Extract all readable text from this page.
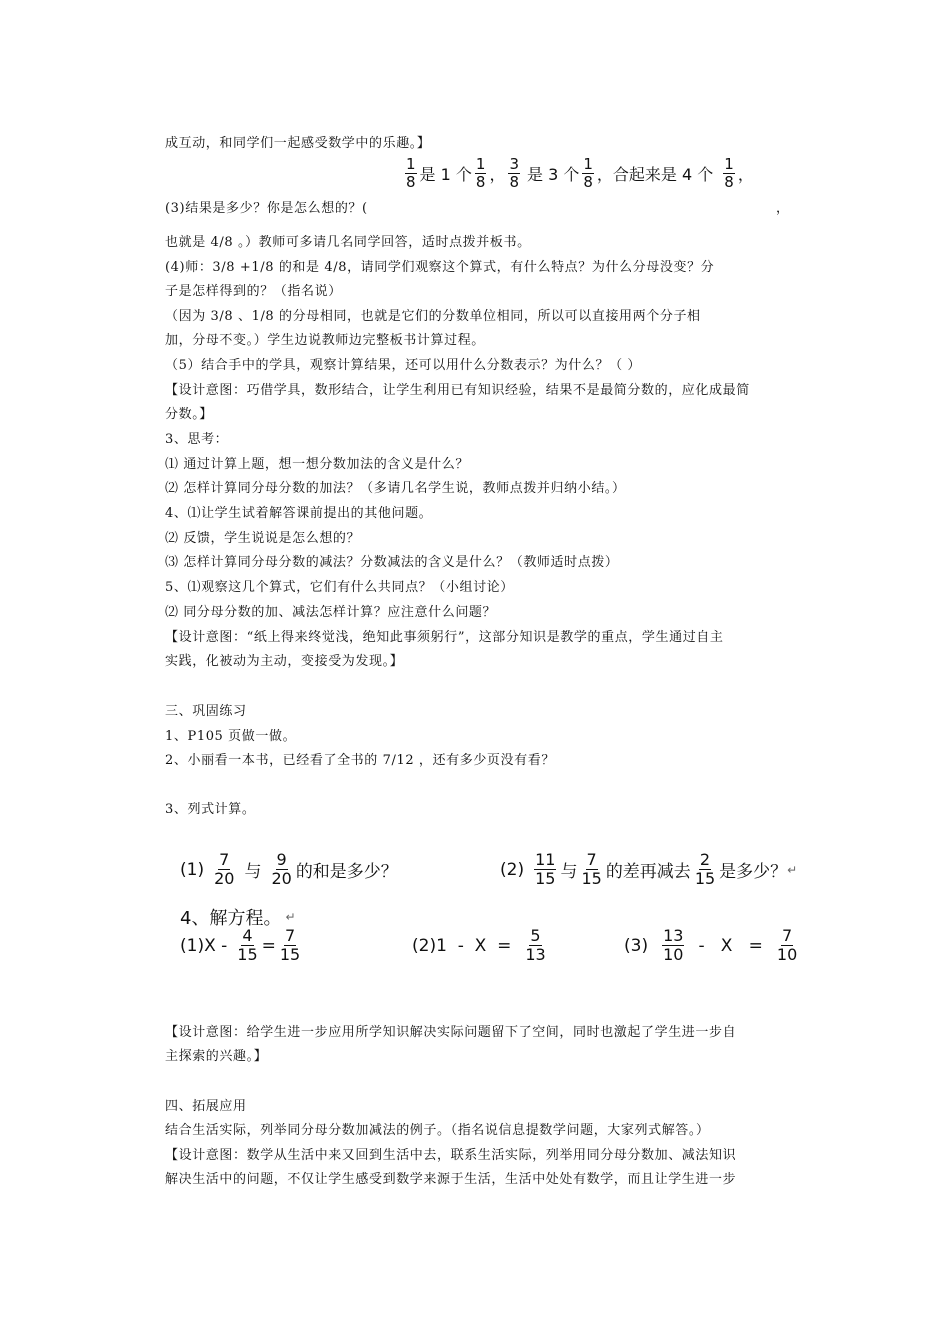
成互动，和同学们一起感受数学中的乐趣。】
$\frac{1}{8}$ 是 1 个 $\frac{1}{8}$ ， $\frac{3}{8}$ 是 3 个 $\frac{1}{8}$ ，合起来是 4 个 $\frac{1}{8}$ ，
(3)结果是多少？你是怎么想的？(	，
也就是 4/8 。）教师可多请几名同学回答，适时点拨并板书。
(4)师：3/8 +1/8 的和是 4/8，请同学们观察这个算式，有什么特点？为什么分母没变？分
子是怎样得到的？（指名说）
（因为 3/8 、1/8 的分母相同，也就是它们的分数单位相同，所以可以直接用两个分子相
加，分母不变。）学生边说教师边完整板书计算过程。
（5）结合手中的学具，观察计算结果，还可以用什么分数表示？为什么？（ ）
【设计意图：巧借学具，数形结合，让学生利用已有知识经验，结果不是最简分数的，应化成最简
分数。】
3、思考：
⑴ 通过计算上题，想一想分数加法的含义是什么？
⑵ 怎样计算同分母分数的加法？（多请几名学生说，教师点拨并归纳小结。）
4、⑴让学生试着解答课前提出的其他问题。
⑵ 反馈，学生说说是怎么想的？
⑶ 怎样计算同分母分数的减法？分数减法的含义是什么？（教师适时点拨）
5、⑴观察这几个算式，它们有什么共同点？（小组讨论）
⑵ 同分母分数的加、减法怎样计算？应注意什么问题？
【设计意图：“纸上得来终觉浅，绝知此事须躬行”，这部分知识是教学的重点，学生通过自主
实践，化被动为主动，变接受为发现。】
三、巩固练习
1、P105 页做一做。
2、小丽看一本书，已经看了全书的 7/12 ，还有多少页没有看？
3、列式计算。
$(1) \frac{7}{20}$ 与 $\frac{9}{20}$ 的和是多少？	$(2) \frac{11}{15}$ 与 $\frac{7}{15}$ 的差再减去 $\frac{2}{15}$ 是多少？ ↵
4、解方程。 ↵
$(1)X - \frac{4}{15} = \frac{7}{15}$	$(2)1 - X = \frac{5}{13}$	$(3) \frac{13}{10} - X = \frac{7}{10}$
【设计意图：给学生进一步应用所学知识解决实际问题留下了空间，同时也激起了学生进一步自
主探索的兴趣。】
四、拓展应用
结合生活实际，列举同分母分数加减法的例子。（指名说信息提数学问题，大家列式解答。）
【设计意图：数学从生活中来又回到生活中去，联系生活实际，列举用同分母分数加、减法知识
解决生活中的问题，不仅让学生感受到数学来源于生活，生活中处处有数学，而且让学生进一步
